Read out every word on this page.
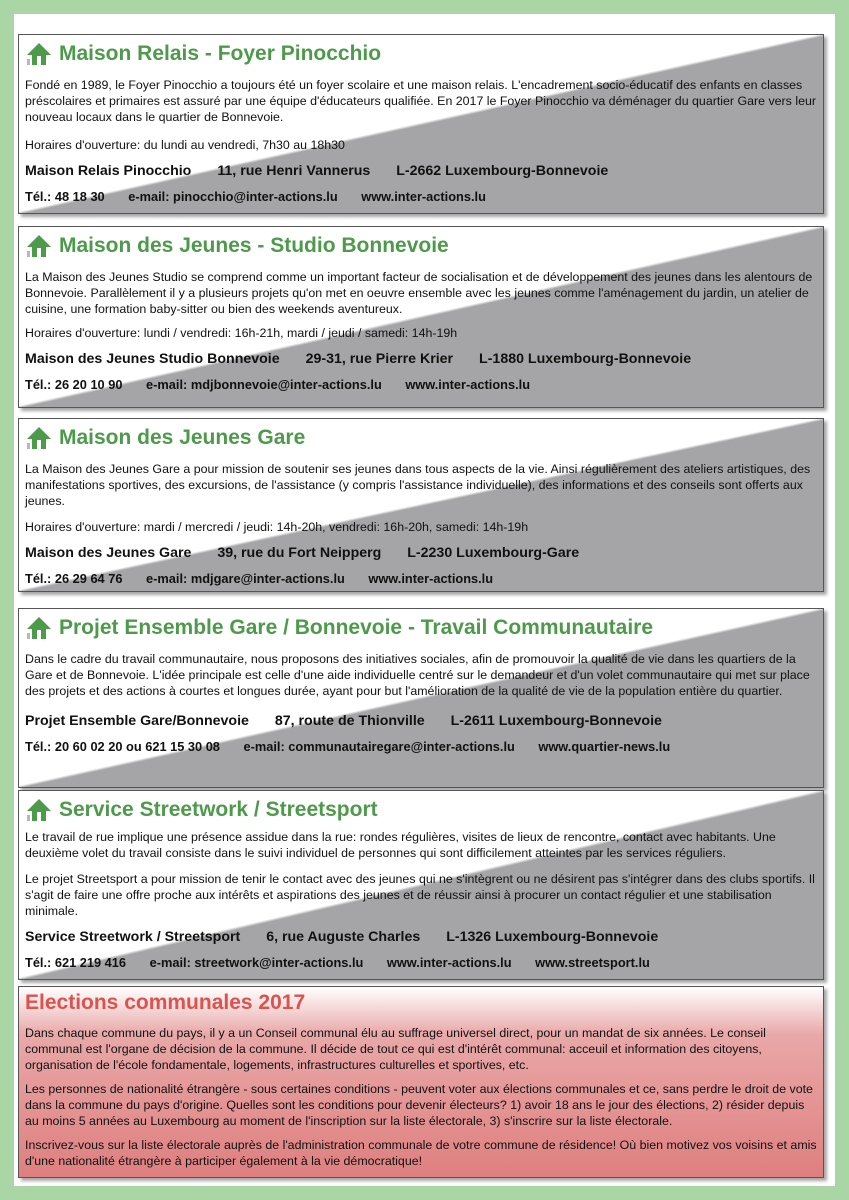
Maison Relais - Foyer Pinocchio

Fondé en 1989, le Foyer Pinocchio a toujours été un foyer scolaire et une maison relais. L'encadrement socio-éducatif des enfants en classes préscolaires et primaires est assuré par une équipe d'éducateurs qualifiée. En 2017 le Foyer Pinocchio va déménager du quartier Gare vers leur nouveau locaux dans le quartier de Bonnevoie.

Horaires d'ouverture: du lundi au vendredi, 7h30 au 18h30

Maison Relais Pinocchio 11, rue Henri Vannerus L-2662 Luxembourg-Bonnevoie
Tél.: 48 18 30 e-mail: pinocchio@inter-actions.lu www.inter-actions.lu
Maison des Jeunes - Studio Bonnevoie

La Maison des Jeunes Studio se comprend comme un important facteur de socialisation et de développement des jeunes dans les alentours de Bonnevoie. Parallèlement il y a plusieurs projets qu'on met en oeuvre ensemble avec les jeunes comme l'aménagement du jardin, un atelier de cuisine, une formation baby-sitter ou bien des weekends aventureux.

Horaires d'ouverture: lundi / vendredi: 16h-21h, mardi / jeudi / samedi: 14h-19h

Maison des Jeunes Studio Bonnevoie 29-31, rue Pierre Krier L-1880 Luxembourg-Bonnevoie
Tél.: 26 20 10 90 e-mail: mdjbonnevoie@inter-actions.lu www.inter-actions.lu
Maison des Jeunes Gare

La Maison des Jeunes Gare a pour mission de soutenir ses jeunes dans tous aspects de la vie. Ainsi régulièrement des ateliers artistiques, des manifestations sportives, des excursions, de l'assistance (y compris l'assistance individuelle), des informations et des conseils sont offerts aux jeunes.

Horaires d'ouverture: mardi / mercredi / jeudi: 14h-20h, vendredi: 16h-20h, samedi: 14h-19h

Maison des Jeunes Gare 39, rue du Fort Neipperg L-2230 Luxembourg-Gare
Tél.: 26 29 64 76 e-mail: mdjgare@inter-actions.lu www.inter-actions.lu
Projet Ensemble Gare / Bonnevoie - Travail Communautaire

Dans le cadre du travail communautaire, nous proposons des initiatives sociales, afin de promouvoir la qualité de vie dans les quartiers de la Gare et de Bonnevoie. L'idée principale est celle d'une aide individuelle centré sur le demandeur et d'un volet communautaire qui met sur place des projets et des actions à courtes et longues durée, ayant pour but l'amélioration de la qualité de vie de la population entière du quartier.

Projet Ensemble Gare/Bonnevoie 87, route de Thionville L-2611 Luxembourg-Bonnevoie
Tél.: 20 60 02 20 ou 621 15 30 08 e-mail: communautairegare@inter-actions.lu www.quartier-news.lu
Service Streetwork / Streetsport

Le travail de rue implique une présence assidue dans la rue: rondes régulières, visites de lieux de rencontre, contact avec habitants. Une deuxième volet du travail consiste dans le suivi individuel de personnes qui sont difficilement atteintes par les services réguliers.

Le projet Streetsport a pour mission de tenir le contact avec des jeunes qui ne s'intègrent ou ne désirent pas s'intégrer dans des clubs sportifs. Il s'agit de faire une offre proche aux intérêts et aspirations des jeunes et de réussir ainsi à procurer un contact régulier et une stabilisation minimale.

Service Streetwork / Streetsport 6, rue Auguste Charles L-1326 Luxembourg-Bonnevoie
Tél.: 621 219 416 e-mail: streetwork@inter-actions.lu www.inter-actions.lu www.streetsport.lu
Elections communales 2017

Dans chaque commune du pays, il y a un Conseil communal élu au suffrage universel direct, pour un mandat de six années. Le conseil communal est l'organe de décision de la commune. Il décide de tout ce qui est d'intérêt communal: acceuil et information des citoyens, organisation de l'école fondamentale, logements, infrastructures culturelles et sportives, etc.

Les personnes de nationalité étrangère - sous certaines conditions - peuvent voter aux élections communales et ce, sans perdre le droit de vote dans la commune du pays d'origine. Quelles sont les conditions pour devenir électeurs? 1) avoir 18 ans le jour des élections, 2) résider depuis au moins 5 années au Luxembourg au moment de l'inscription sur la liste électorale, 3) s'inscrire sur la liste électorale.

Inscrivez-vous sur la liste électorale auprès de l'administration communale de votre commune de résidence! Où bien motivez vos voisins et amis d'une nationalité étrangère à participer également à la vie démocratique!
